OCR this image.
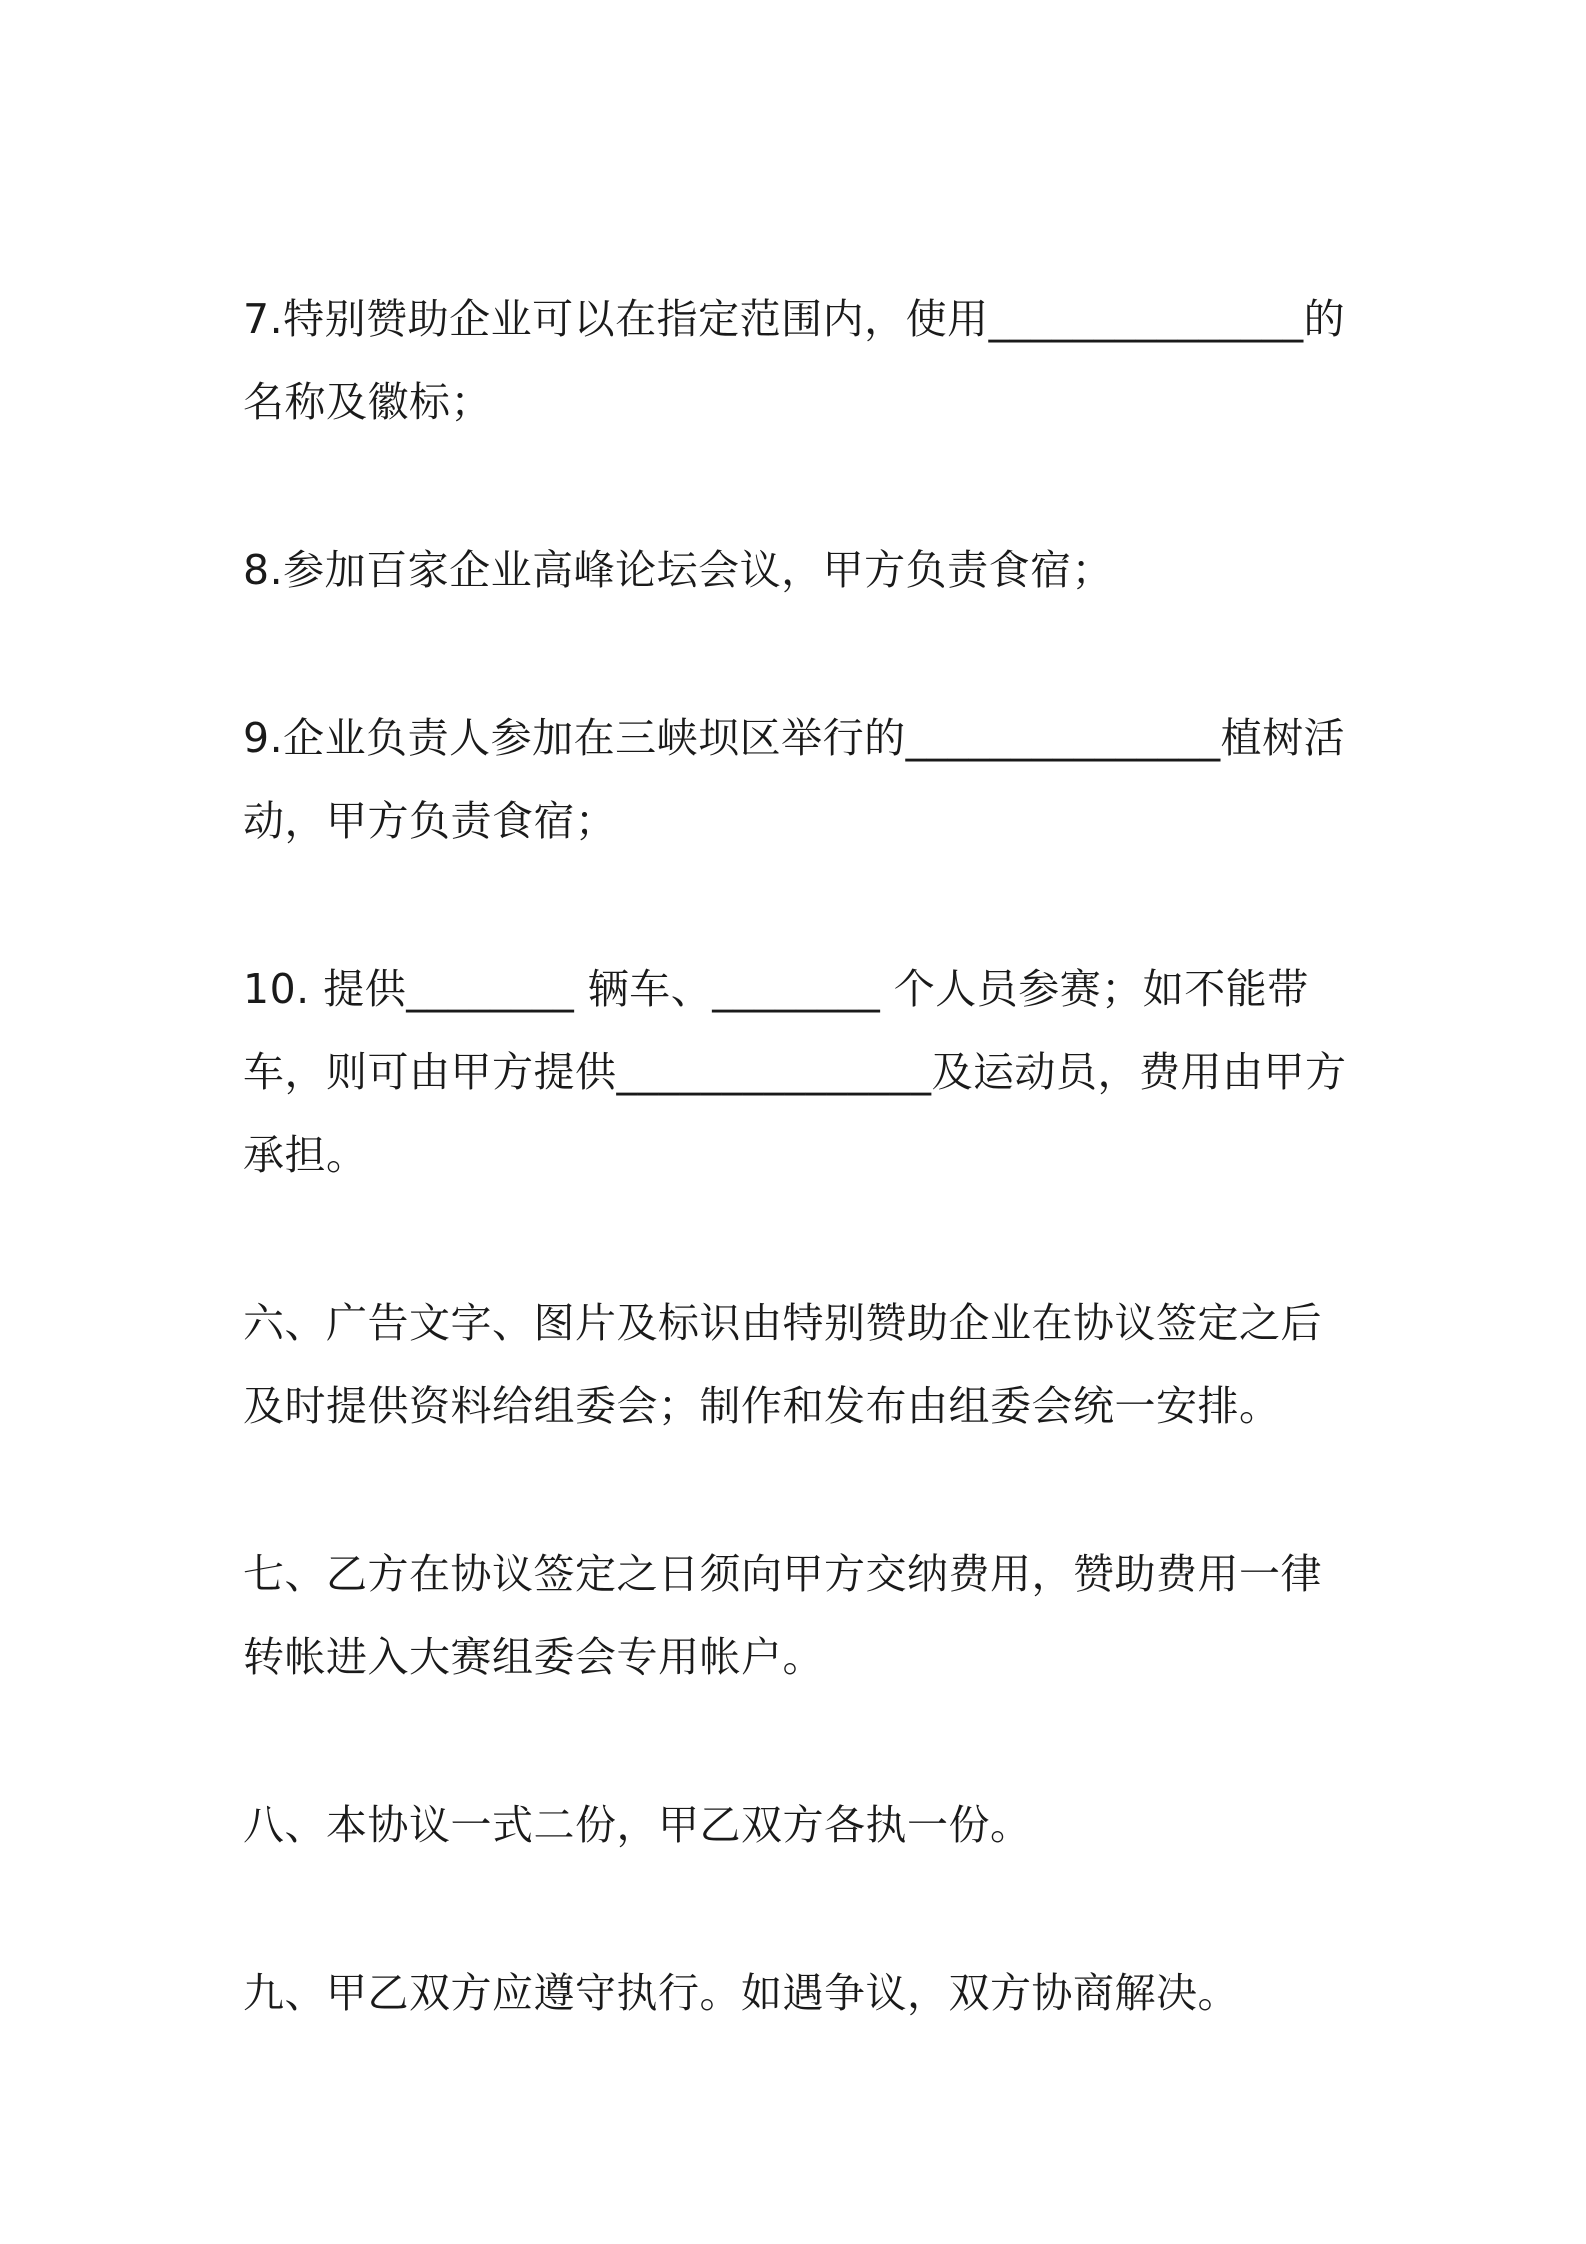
7.特别赞助企业可以在指定范围内，使用_______________的名称及徽标；

8.参加百家企业高峰论坛会议，甲方负责食宿；

9.企业负责人参加在三峡坝区举行的_______________植树活动，甲方负责食宿；

10. 提供________ 辆车、________ 个人员参赛；如不能带车，则可由甲方提供_______________及运动员，费用由甲方承担。

六、广告文字、图片及标识由特别赞助企业在协议签定之后及时提供资料给组委会；制作和发布由组委会统一安排。

七、乙方在协议签定之日须向甲方交纳费用，赞助费用一律转帐进入大赛组委会专用帐户。

八、本协议一式二份，甲乙双方各执一份。

九、甲乙双方应遵守执行。如遇争议，双方协商解决。
